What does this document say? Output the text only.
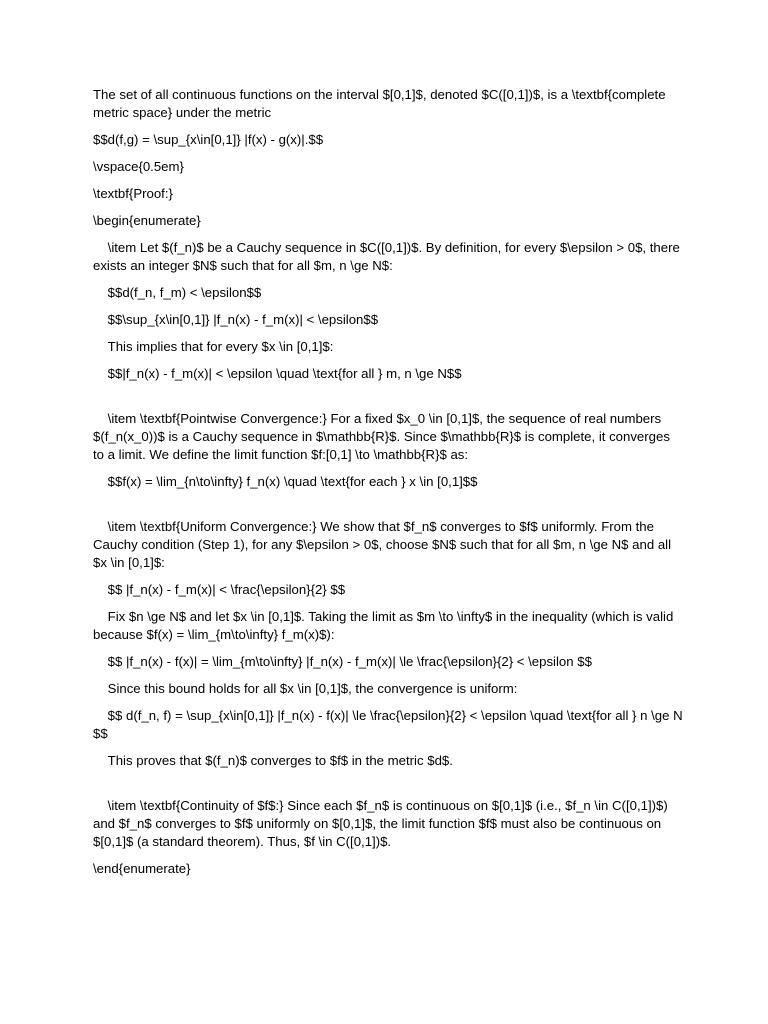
The set of all continuous functions on the interval $[0,1]$, denoted $C([0,1])$, is a \textbf{complete metric space} under the metric

$$d(f,g) = \sup_{x\in[0,1]} |f(x) - g(x)|.$$

\vspace{0.5em}

\textbf{Proof:}

\begin{enumerate}

\item Let $(f_n)$ be a Cauchy sequence in $C([0,1])$. By definition, for every $\epsilon > 0$, there exists an integer $N$ such that for all $m, n \ge N$:

$$d(f_n, f_m) < \epsilon$$

$$\sup_{x\in[0,1]} |f_n(x) - f_m(x)| < \epsilon$$

This implies that for every $x \in [0,1]$:

$$|f_n(x) - f_m(x)| < \epsilon \quad \text{for all } m, n \ge N$$

\item \textbf{Pointwise Convergence:} For a fixed $x_0 \in [0,1]$, the sequence of real numbers $(f_n(x_0))$ is a Cauchy sequence in $\mathbb{R}$. Since $\mathbb{R}$ is complete, it converges to a limit. We define the limit function $f:[0,1] \to \mathbb{R}$ as:

$$f(x) = \lim_{n\to\infty} f_n(x) \quad \text{for each } x \in [0,1]$$

\item \textbf{Uniform Convergence:} We show that $f_n$ converges to $f$ uniformly. From the Cauchy condition (Step 1), for any $\epsilon > 0$, choose $N$ such that for all $m, n \ge N$ and all $x \in [0,1]$:

$$ |f_n(x) - f_m(x)| < \frac{\epsilon}{2} $$

Fix $n \ge N$ and let $x \in [0,1]$. Taking the limit as $m \to \infty$ in the inequality (which is valid because $f(x) = \lim_{m\to\infty} f_m(x)$):

$$ |f_n(x) - f(x)| = \lim_{m\to\infty} |f_n(x) - f_m(x)| \le \frac{\epsilon}{2} < \epsilon $$

Since this bound holds for all $x \in [0,1]$, the convergence is uniform:

$$ d(f_n, f) = \sup_{x\in[0,1]} |f_n(x) - f(x)| \le \frac{\epsilon}{2} < \epsilon \quad \text{for all } n \ge N $$

This proves that $(f_n)$ converges to $f$ in the metric $d$.

\item \textbf{Continuity of $f$:} Since each $f_n$ is continuous on $[0,1]$ (i.e., $f_n \in C([0,1])$) and $f_n$ converges to $f$ uniformly on $[0,1]$, the limit function $f$ must also be continuous on $[0,1]$ (a standard theorem). Thus, $f \in C([0,1])$.

\end{enumerate}
